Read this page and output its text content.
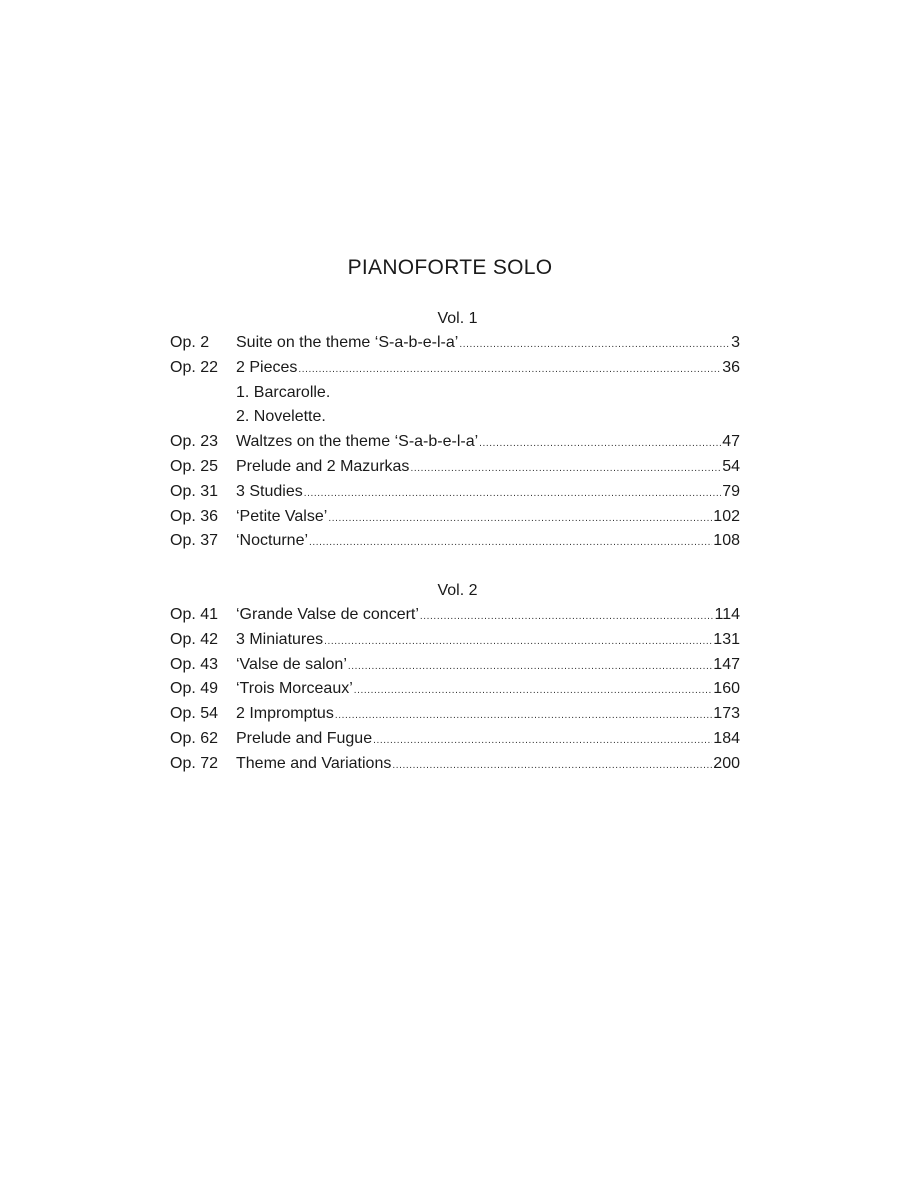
PIANOFORTE SOLO
Vol. 1
Op. 2	Suite on the theme ‘S-a-b-e-l-a’ .....	3
Op. 22	2 Pieces .....	36
1. Barcarolle.
2. Novelette.
Op. 23	Waltzes on the theme ‘S-a-b-e-l-a’ .....	47
Op. 25	Prelude and 2 Mazurkas .....	54
Op. 31	3 Studies .....	79
Op. 36	‘Petite Valse’ .....	102
Op. 37	‘Nocturne’ .....	108
Vol. 2
Op. 41	‘Grande Valse de concert’ .....	114
Op. 42	3 Miniatures .....	131
Op. 43	‘Valse de salon’ .....	147
Op. 49	‘Trois Morceaux’ .....	160
Op. 54	2 Impromptus .....	173
Op. 62	Prelude and Fugue .....	184
Op. 72	Theme and Variations .....	200
